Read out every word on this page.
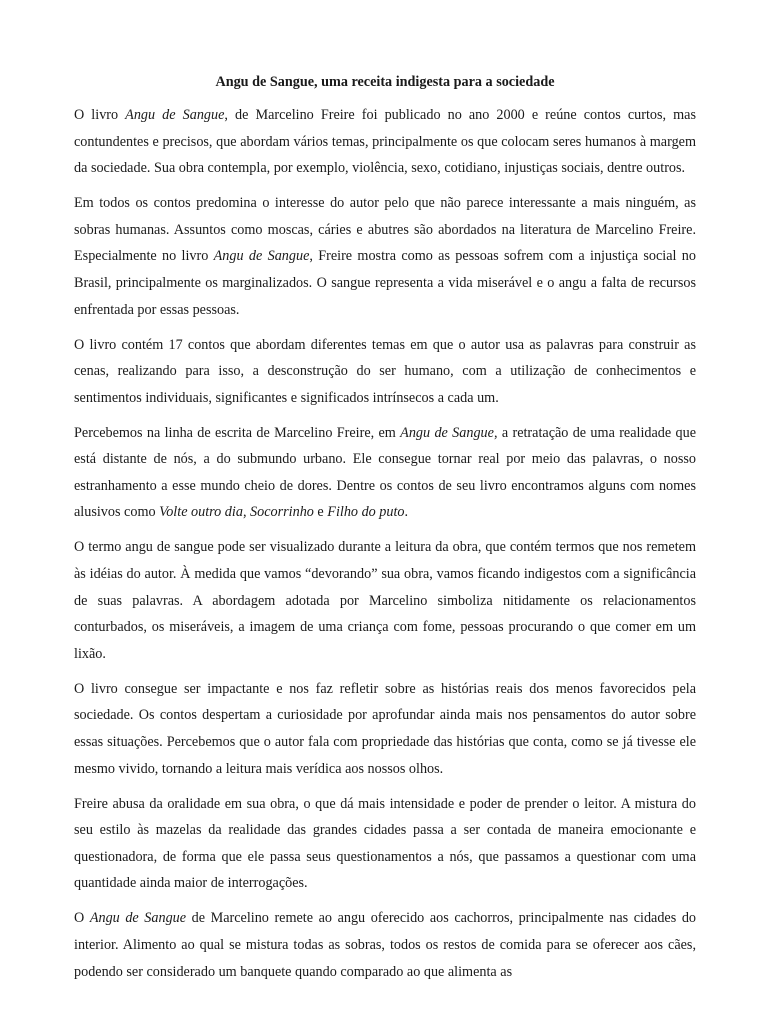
Angu de Sangue, uma receita indigesta para a sociedade

O livro Angu de Sangue, de Marcelino Freire foi publicado no ano 2000 e reúne contos curtos, mas contundentes e precisos, que abordam vários temas, principalmente os que colocam seres humanos à margem da sociedade. Sua obra contempla, por exemplo, violência, sexo, cotidiano, injustiças sociais, dentre outros.

Em todos os contos predomina o interesse do autor pelo que não parece interessante a mais ninguém, as sobras humanas. Assuntos como moscas, cáries e abutres são abordados na literatura de Marcelino Freire. Especialmente no livro Angu de Sangue, Freire mostra como as pessoas sofrem com a injustiça social no Brasil, principalmente os marginalizados. O sangue representa a vida miserável e o angu a falta de recursos enfrentada por essas pessoas.

O livro contém 17 contos que abordam diferentes temas em que o autor usa as palavras para construir as cenas, realizando para isso, a desconstrução do ser humano, com a utilização de conhecimentos e sentimentos individuais, significantes e significados intrínsecos a cada um.

Percebemos na linha de escrita de Marcelino Freire, em Angu de Sangue, a retratação de uma realidade que está distante de nós, a do submundo urbano. Ele consegue tornar real por meio das palavras, o nosso estranhamento a esse mundo cheio de dores. Dentre os contos de seu livro encontramos alguns com nomes alusivos como Volte outro dia, Socorrinho e Filho do puto.

O termo angu de sangue pode ser visualizado durante a leitura da obra, que contém termos que nos remetem às idéias do autor. À medida que vamos “devorando” sua obra, vamos ficando indigestos com a significância de suas palavras. A abordagem adotada por Marcelino simboliza nitidamente os relacionamentos conturbados, os miseráveis, a imagem de uma criança com fome, pessoas procurando o que comer em um lixão.

O livro consegue ser impactante e nos faz refletir sobre as histórias reais dos menos favorecidos pela sociedade. Os contos despertam a curiosidade por aprofundar ainda mais nos pensamentos do autor sobre essas situações. Percebemos que o autor fala com propriedade das histórias que conta, como se já tivesse ele mesmo vivido, tornando a leitura mais verídica aos nossos olhos.

Freire abusa da oralidade em sua obra, o que dá mais intensidade e poder de prender o leitor. A mistura do seu estilo às mazelas da realidade das grandes cidades passa a ser contada de maneira emocionante e questionadora, de forma que ele passa seus questionamentos a nós, que passamos a questionar com uma quantidade ainda maior de interrogações.

O Angu de Sangue de Marcelino remete ao angu oferecido aos cachorros, principalmente nas cidades do interior. Alimento ao qual se mistura todas as sobras, todos os restos de comida para se oferecer aos cães, podendo ser considerado um banquete quando comparado ao que alimenta as
